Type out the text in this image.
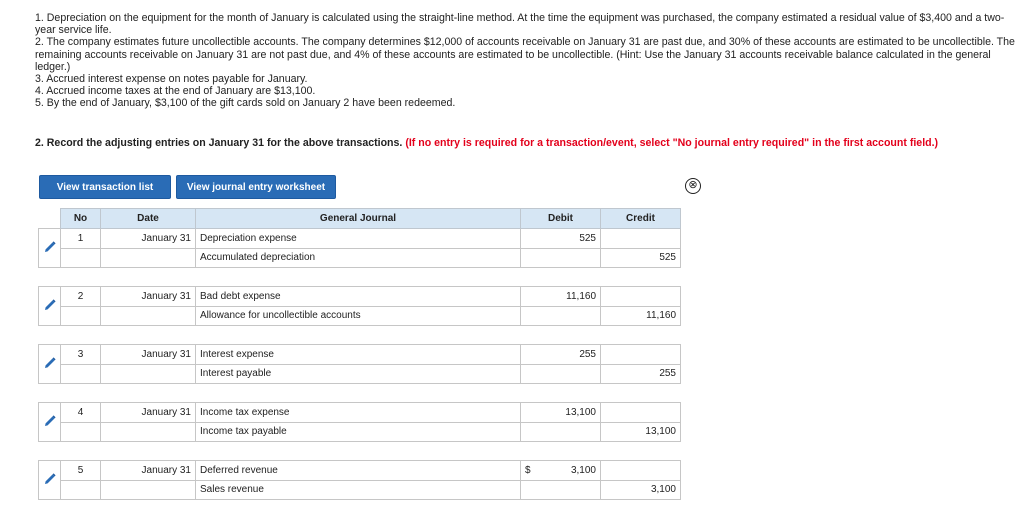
1. Depreciation on the equipment for the month of January is calculated using the straight-line method. At the time the equipment was purchased, the company estimated a residual value of $3,400 and a two-year service life.

2. The company estimates future uncollectible accounts. The company determines $12,000 of accounts receivable on January 31 are past due, and 30% of these accounts are estimated to be uncollectible. The remaining accounts receivable on January 31 are not past due, and 4% of these accounts are estimated to be uncollectible. (Hint: Use the January 31 accounts receivable balance calculated in the general ledger.)

3. Accrued interest expense on notes payable for January.

4. Accrued income taxes at the end of January are $13,100.

5. By the end of January, $3,100 of the gift cards sold on January 2 have been redeemed.

2. Record the adjusting entries on January 31 for the above transactions. (If no entry is required for a transaction/event, select "No journal entry required" in the first account field.)
View transaction list	View journal entry worksheet	⊗
	No	Date	General Journal	Debit	Credit
	1	January 31	Depreciation expense	525	
			Accumulated depreciation		525

	2	January 31	Bad debt expense	11,160	
			Allowance for uncollectible accounts		11,160

	3	January 31	Interest expense	255	
			Interest payable		255

	4	January 31	Income tax expense	13,100	
			Income tax payable		13,100

	5	January 31	Deferred revenue	$ 3,100	
			Sales revenue		3,100
